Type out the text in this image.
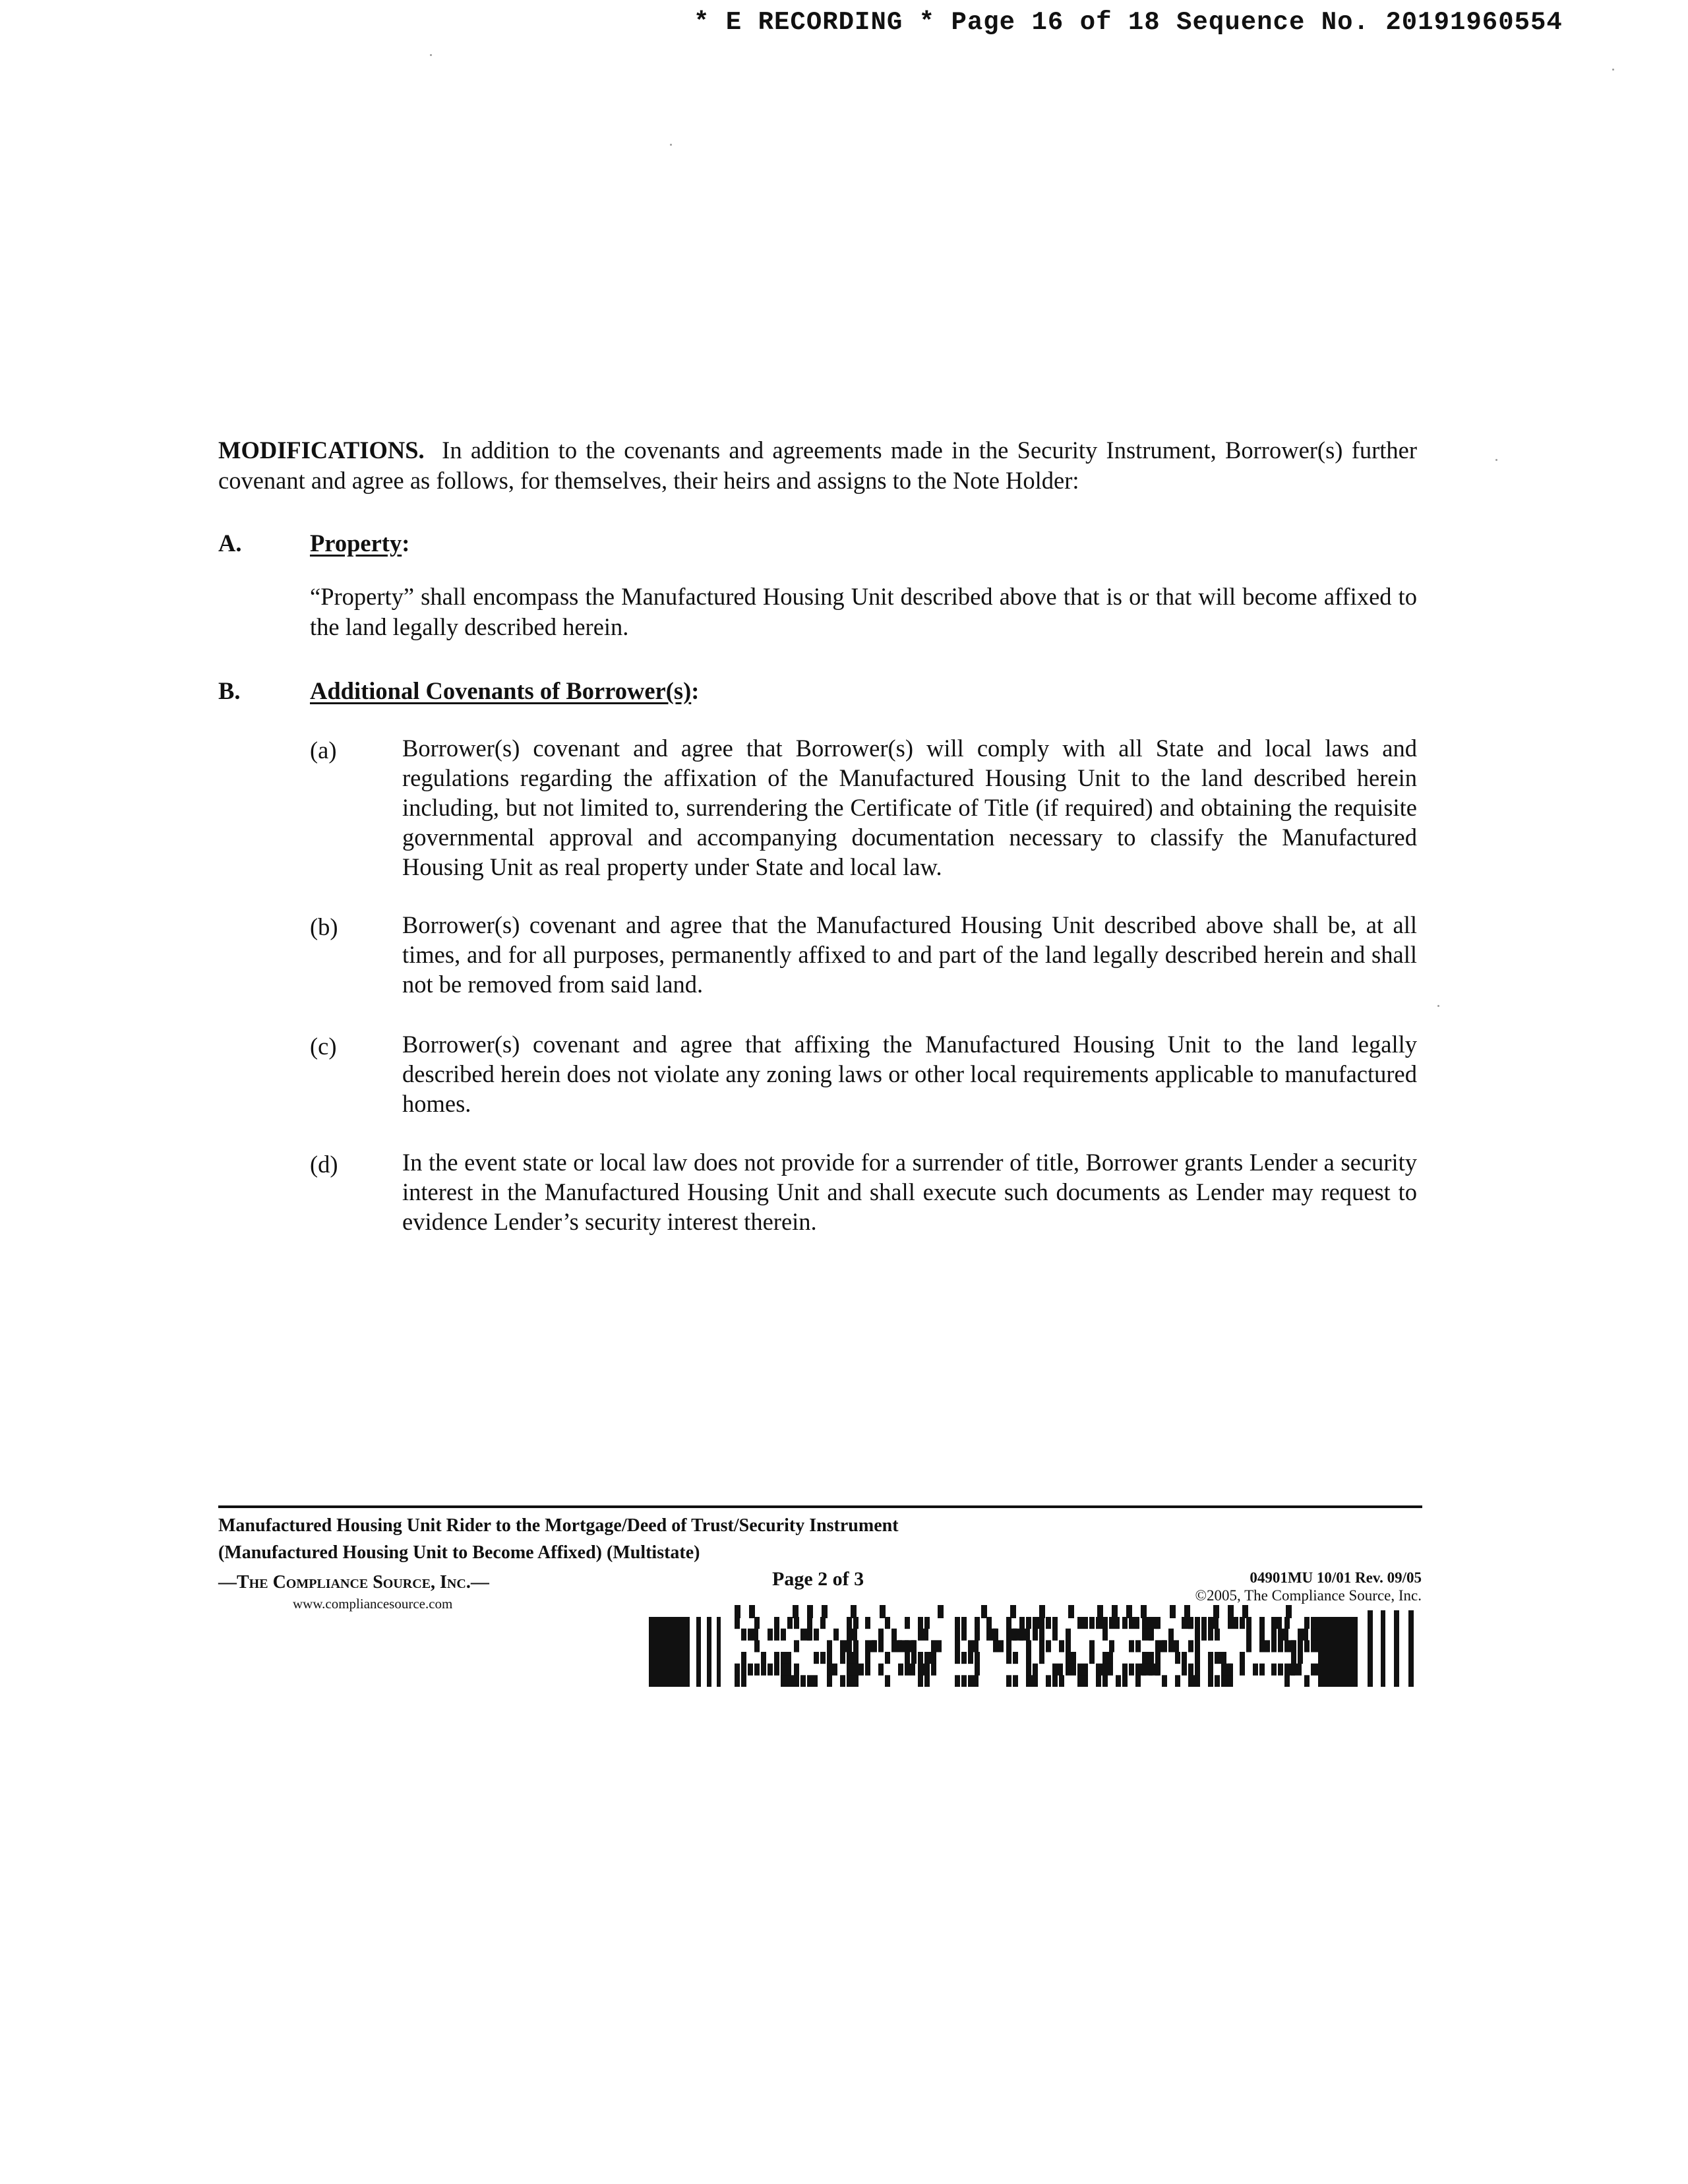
* E RECORDING * Page 16 of 18 Sequence No. 20191960554
MODIFICATIONS. In addition to the covenants and agreements made in the Security Instrument, Borrower(s) further covenant and agree as follows, for themselves, their heirs and assigns to the Note Holder:
A.	Property:
“Property” shall encompass the Manufactured Housing Unit described above that is or that will become affixed to the land legally described herein.
B.	Additional Covenants of Borrower(s):
(a)	Borrower(s) covenant and agree that Borrower(s) will comply with all State and local laws and regulations regarding the affixation of the Manufactured Housing Unit to the land described herein including, but not limited to, surrendering the Certificate of Title (if required) and obtaining the requisite governmental approval and accompanying documentation necessary to classify the Manufactured Housing Unit as real property under State and local law.
(b)	Borrower(s) covenant and agree that the Manufactured Housing Unit described above shall be, at all times, and for all purposes, permanently affixed to and part of the land legally described herein and shall not be removed from said land.
(c)	Borrower(s) covenant and agree that affixing the Manufactured Housing Unit to the land legally described herein does not violate any zoning laws or other local requirements applicable to manufactured homes.
(d)	In the event state or local law does not provide for a surrender of title, Borrower grants Lender a security interest in the Manufactured Housing Unit and shall execute such documents as Lender may request to evidence Lender’s security interest therein.
Manufactured Housing Unit Rider to the Mortgage/Deed of Trust/Security Instrument
(Manufactured Housing Unit to Become Affixed) (Multistate)
—The Compliance Source, Inc.—
www.compliancesource.com
Page 2 of 3	04901MU 10/01 Rev. 09/05
©2005, The Compliance Source, Inc.
